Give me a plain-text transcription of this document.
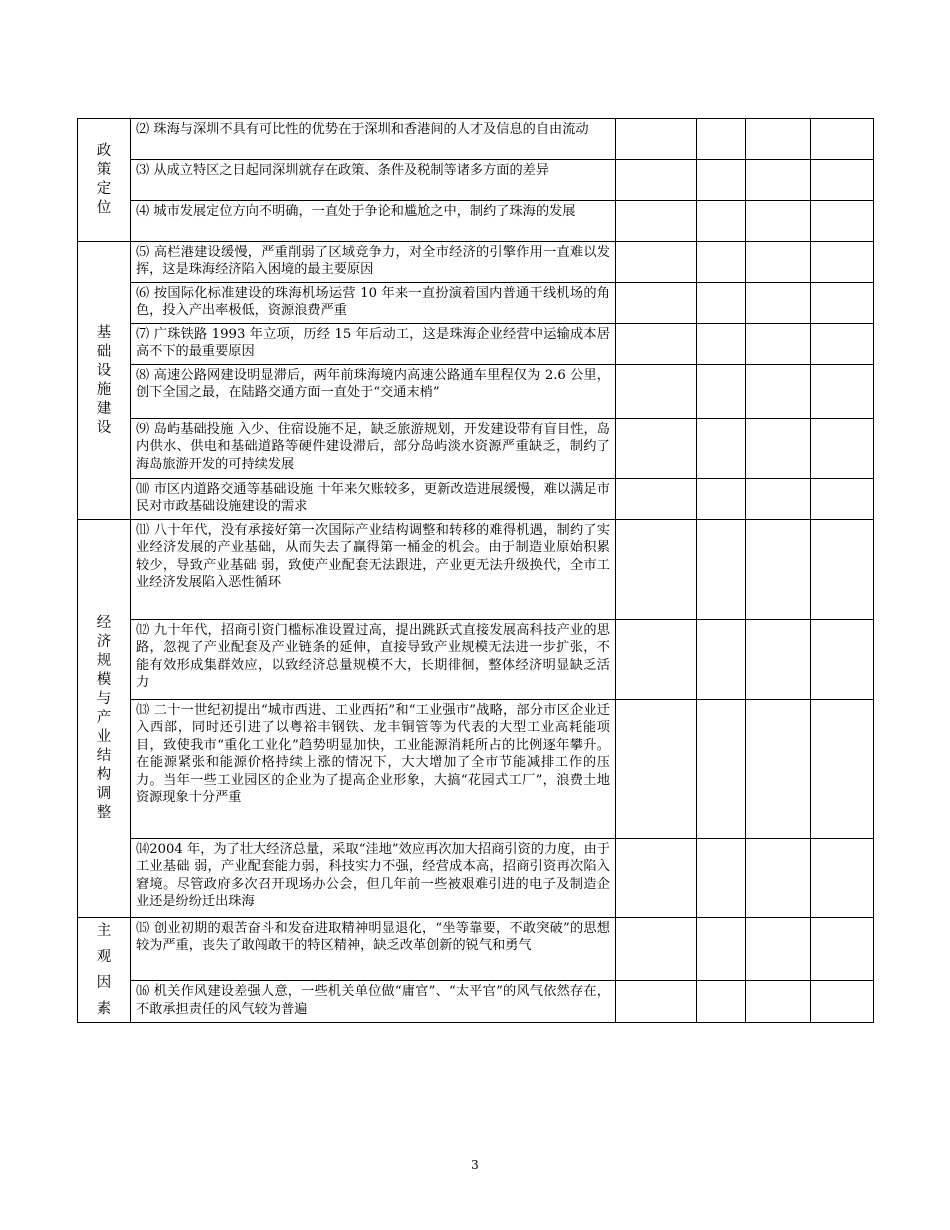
政策定位	⑵ 珠海与深圳不具有可比性的优势在于深圳和香港间的人才及信息的自由流动				
	⑶ 从成立特区之日起同深圳就存在政策、条件及税制等诸多方面的差异				
	⑷ 城市发展定位方向不明确，一直处于争论和尴尬之中，制约了珠海的发展				
基础设施建设	⑸ 高栏港建设缓慢，严重削弱了区域竞争力，对全市经济的引擎作用一直难以发挥，这是珠海经济陷入困境的最主要原因				
	⑹ 按国际化标准建设的珠海机场运营 10 年来一直扮演着国内普通干线机场的角色，投入产出率极低，资源浪费严重				
	⑺ 广珠铁路 1993 年立项，历经 15 年后动工，这是珠海企业经营中运输成本居高不下的最重要原因				
	⑻ 高速公路网建设明显滞后，两年前珠海境内高速公路通车里程仅为 2.6 公里，创下全国之最，在陆路交通方面一直处于“交通末梢”				
	⑼ 岛屿基础投施 入少、住宿设施不足，缺乏旅游规划，开发建设带有盲目性，岛内供水、供电和基础道路等硬件建设滞后，部分岛屿淡水资源严重缺乏，制约了海岛旅游开发的可持续发展				
	⑽ 市区内道路交通等基础设施 十年来欠账较多，更新改造进展缓慢，难以满足市民对市政基础设施建设的需求				
经济规模与产业结构调整	⑾ 八十年代，没有承接好第一次国际产业结构调整和转移的难得机遇，制约了实业经济发展的产业基础，从而失去了赢得第一桶金的机会。由于制造业原始积累较少，导致产业基础 弱，致使产业配套无法跟进，产业更无法升级换代，全市工业经济发展陷入恶性循环				
	⑿ 九十年代，招商引资门槛标准设置过高，提出跳跃式直接发展高科技产业的思路，忽视了产业配套及产业链条的延伸，直接导致产业规模无法进一步扩张，不能有效形成集群效应，以致经济总量规模不大，长期徘徊，整体经济明显缺乏活力				
	⒀ 二十一世纪初提出“城市西进、工业西拓”和“工业强市”战略，部分市区企业迁入西部，同时还引进了以粤裕丰钢铁、龙丰铜管等为代表的大型工业高耗能项目，致使我市“重化工业化”趋势明显加快，工业能源消耗所占的比例逐年攀升。在能源紧张和能源价格持续上涨的情况下，大大增加了全市节能减排工作的压力。当年一些工业园区的企业为了提高企业形象，大搞“花园式工厂”，浪费土地资源现象十分严重				
	⒁2004 年，为了壮大经济总量，采取“洼地”效应再次加大招商引资的力度，由于工业基础 弱，产业配套能力弱，科技实力不强，经营成本高，招商引资再次陷入窘境。尽管政府多次召开现场办公会，但几年前一些被艰难引进的电子及制造企业还是纷纷迁出珠海				
主观因素	⒂ 创业初期的艰苦奋斗和发奋进取精神明显退化，“坐等靠要，不敢突破”的思想较为严重，丧失了敢闯敢干的特区精神，缺乏改革创新的锐气和勇气				
	⒃ 机关作风建设差强人意，一些机关单位做“庸官”、“太平官”的风气依然存在，不敢承担责任的风气较为普遍				
3
